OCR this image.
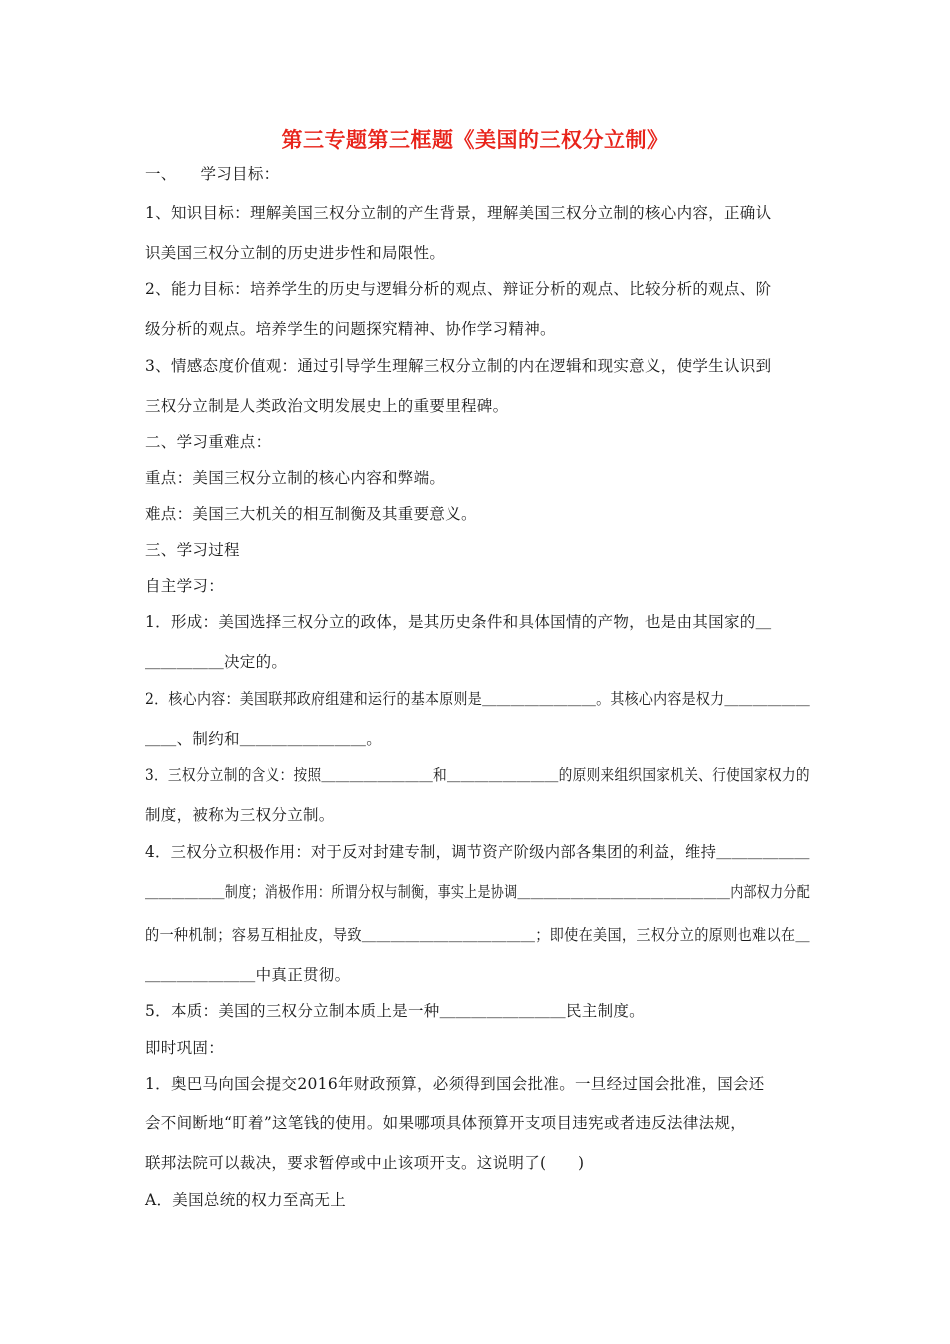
第三专题第三框题《美国的三权分立制》
一、　　学习目标：
1、知识目标：理解美国三权分立制的产生背景，理解美国三权分立制的核心内容，正确认
识美国三权分立制的历史进步性和局限性。
2、能力目标：培养学生的历史与逻辑分析的观点、辩证分析的观点、比较分析的观点、阶
级分析的观点。培养学生的问题探究精神、协作学习精神。
3、情感态度价值观：通过引导学生理解三权分立制的内在逻辑和现实意义，使学生认识到
三权分立制是人类政治文明发展史上的重要里程碑。
二、学习重难点：
重点：美国三权分立制的核心内容和弊端。
难点：美国三大机关的相互制衡及其重要意义。
三、学习过程
自主学习：
1．形成：美国选择三权分立的政体，是其历史条件和具体国情的产物，也是由其国家的＿
＿＿＿＿＿决定的。
2．核心内容：美国联邦政府组建和运行的基本原则是＿＿＿＿＿＿＿＿。其核心内容是权力＿＿＿＿＿＿
＿＿、制约和＿＿＿＿＿＿＿＿。
3．三权分立制的含义：按照＿＿＿＿＿＿＿＿和＿＿＿＿＿＿＿＿的原则来组织国家机关、行使国家权力的
制度，被称为三权分立制。
4．三权分立积极作用：对于反对封建专制，调节资产阶级内部各集团的利益，维持＿＿＿＿＿＿
＿＿＿＿＿＿制度；消极作用：所谓分权与制衡，事实上是协调＿＿＿＿＿＿＿＿＿＿＿＿＿＿＿＿内部权力分配
的一种机制；容易互相扯皮，导致＿＿＿＿＿＿＿＿＿＿＿＿；即使在美国，三权分立的原则也难以在＿
＿＿＿＿＿＿＿中真正贯彻。
5．本质：美国的三权分立制本质上是一种＿＿＿＿＿＿＿＿民主制度。
即时巩固：
1．奥巴马向国会提交2016年财政预算，必须得到国会批准。一旦经过国会批准，国会还
会不间断地“盯着”这笔钱的使用。如果哪项具体预算开支项目违宪或者违反法律法规，
联邦法院可以裁决，要求暂停或中止该项开支。这说明了(　　)
A．美国总统的权力至高无上
